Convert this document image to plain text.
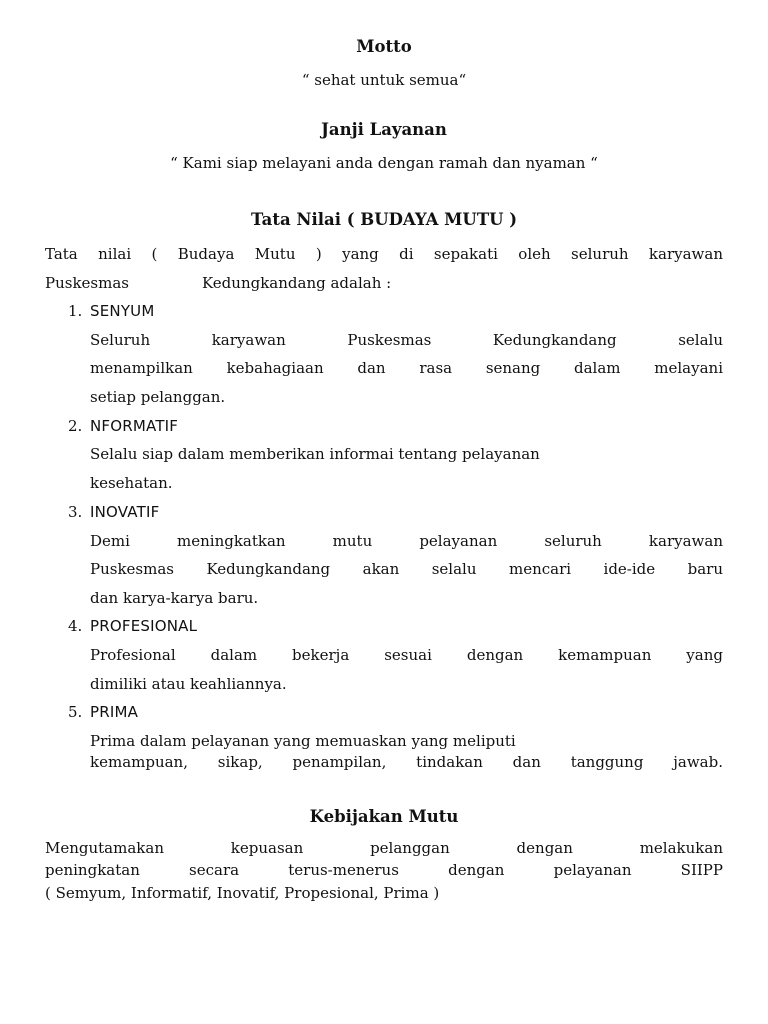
Motto
“ sehat untuk semua“
Janji Layanan
“ Kami siap melayani anda dengan ramah dan nyaman “
Tata Nilai ( BUDAYA MUTU )
Tata nilai ( Budaya Mutu ) yang di sepakati oleh seluruh karyawan
Puskesmas	Kedungkandang adalah :
1. SENYUM
Seluruh karyawan Puskesmas Kedungkandang selalu
menampilkan kebahagiaan dan rasa senang dalam melayani
setiap pelanggan.
2. NFORMATIF
Selalu siap dalam memberikan informai tentang pelayanan
kesehatan.
3. INOVATIF
Demi meningkatkan mutu pelayanan seluruh karyawan
Puskesmas Kedungkandang akan selalu mencari ide-ide baru
dan karya-karya baru.
4. PROFESIONAL
Profesional dalam bekerja sesuai dengan kemampuan yang
dimiliki atau keahliannya.
5. PRIMA
Prima dalam pelayanan yang memuaskan yang meliputi
kemampuan, sikap, penampilan, tindakan dan tanggung jawab.
Kebijakan Mutu
Mengutamakan kepuasan pelanggan dengan melakukan
peningkatan secara terus-menerus dengan pelayanan SIIPP
( Semyum, Informatif, Inovatif, Propesional, Prima )
